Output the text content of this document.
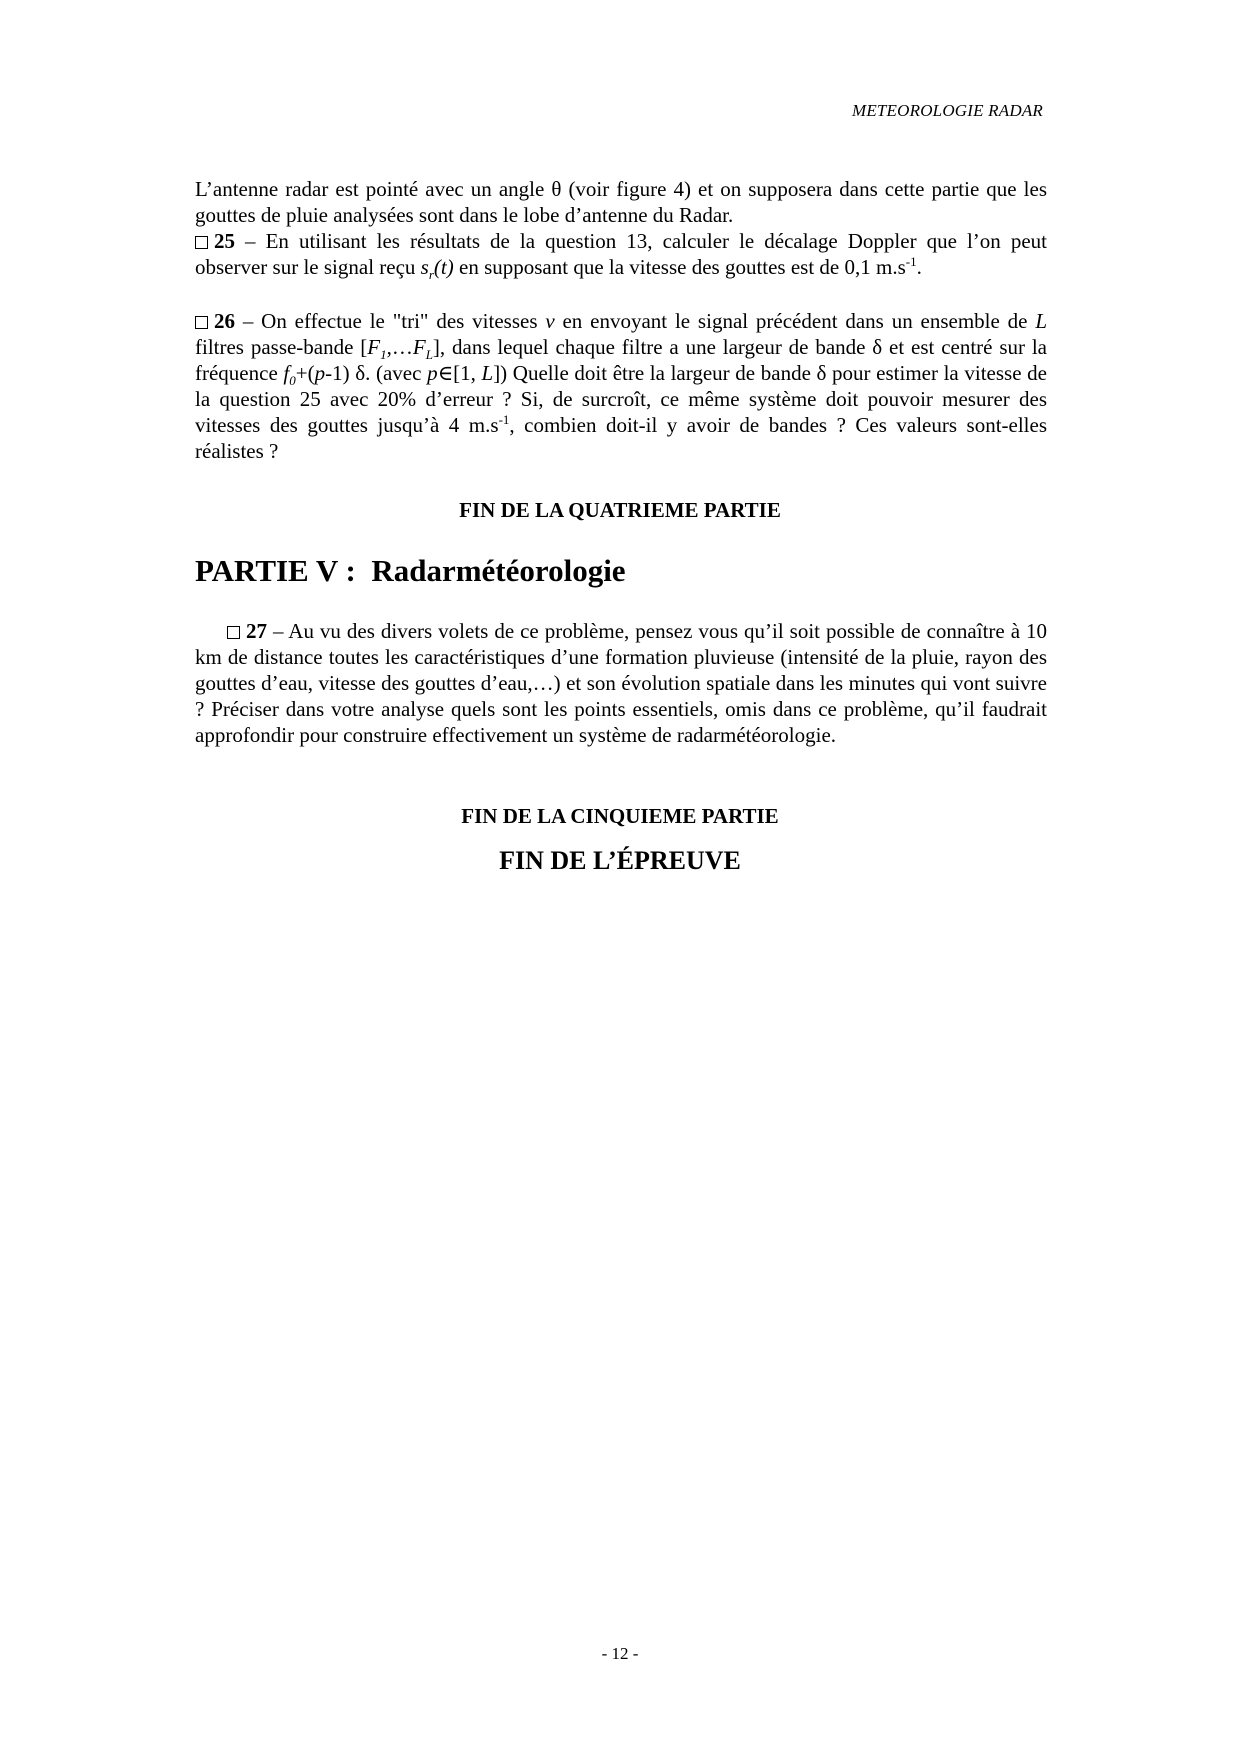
METEOROLOGIE RADAR

L’antenne radar est pointé avec un angle θ (voir figure 4) et on supposera dans cette partie que les gouttes de pluie analysées sont dans le lobe d’antenne du Radar.

25 – En utilisant les résultats de la question 13, calculer le décalage Doppler que l’on peut observer sur le signal reçu $s_r(t)$ en supposant que la vitesse des gouttes est de 0,1 $m.s^{-1}$.

26 – On effectue le "tri" des vitesses v en envoyant le signal précédent dans un ensemble de L filtres passe-bande $[F_1,\dots F_L]$, dans lequel chaque filtre a une largeur de bande δ et est centré sur la fréquence $f_0+(p-1)$ δ. (avec p∈[1, L]) Quelle doit être la largeur de bande δ pour estimer la vitesse de la question 25 avec 20% d’erreur ? Si, de surcroît, ce même système doit pouvoir mesurer des vitesses des gouttes jusqu’à 4 $m.s^{-1}$, combien doit-il y avoir de bandes ? Ces valeurs sont-elles réalistes ?

FIN DE LA QUATRIEME PARTIE
PARTIE V :  Radarmétéorologie

27 – Au vu des divers volets de ce problème, pensez vous qu’il soit possible de connaître à 10 km de distance toutes les caractéristiques d’une formation pluvieuse (intensité de la pluie, rayon des gouttes d’eau, vitesse des gouttes d’eau,…) et son évolution spatiale dans les minutes qui vont suivre ? Préciser dans votre analyse quels sont les points essentiels, omis dans ce problème, qu’il faudrait approfondir pour construire effectivement un système de radarmétéorologie.

FIN DE LA CINQUIEME PARTIE
FIN DE L’ÉPREUVE
- 12 -
